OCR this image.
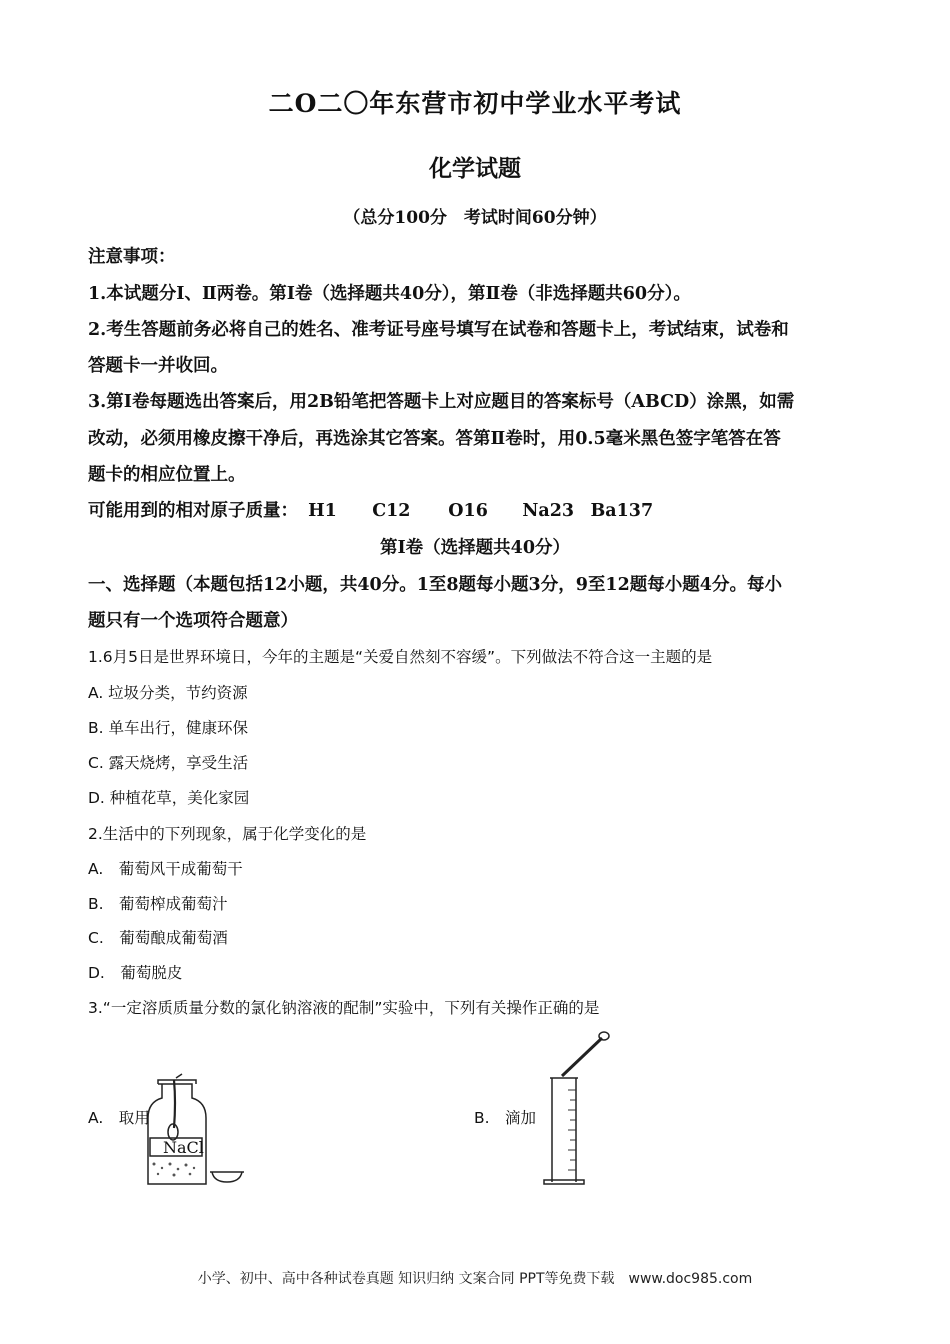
二O二〇年东营市初中学业水平考试
化学试题
（总分100分　考试时间60分钟）
注意事项：
1.本试题分Ⅰ、Ⅱ两卷。第Ⅰ卷（选择题共40分），第Ⅱ卷（非选择题共60分）。
2.考生答题前务必将自己的姓名、准考证号座号填写在试卷和答题卡上，考试结束，试卷和
答题卡一并收回。
3.第Ⅰ卷每题选出答案后，用2B铅笔把答题卡上对应题目的答案标号（ABCD）涂黑，如需
改动，必须用橡皮擦干净后，再选涂其它答案。答第Ⅱ卷时，用0.5毫米黑色签字笔答在答
题卡的相应位置上。
可能用到的相对原子质量： H1 C12 O16 Na23 Ba137
第Ⅰ卷（选择题共40分）
一、选择题（本题包括12小题，共40分。1至8题每小题3分，9至12题每小题4分。每小
题只有一个选项符合题意）
1.6月5日是世界环境日，今年的主题是“关爱自然刻不容缓”。下列做法不符合这一主题的是
A. 垃圾分类，节约资源
B. 单车出行，健康环保
C. 露天烧烤，享受生活
D. 种植花草，美化家园
2.生活中的下列现象，属于化学变化的是
A.　葡萄风干成葡萄干
B.　葡萄榨成葡萄汁
C.　葡萄酿成葡萄酒
D.　葡萄脱皮
3.“一定溶质质量分数的氯化钠溶液的配制”实验中，下列有关操作正确的是
A.　取用
NaCl
B.　滴加
小学、初中、高中各种试卷真题 知识归纳 文案合同 PPT等免费下载　www.doc985.com
